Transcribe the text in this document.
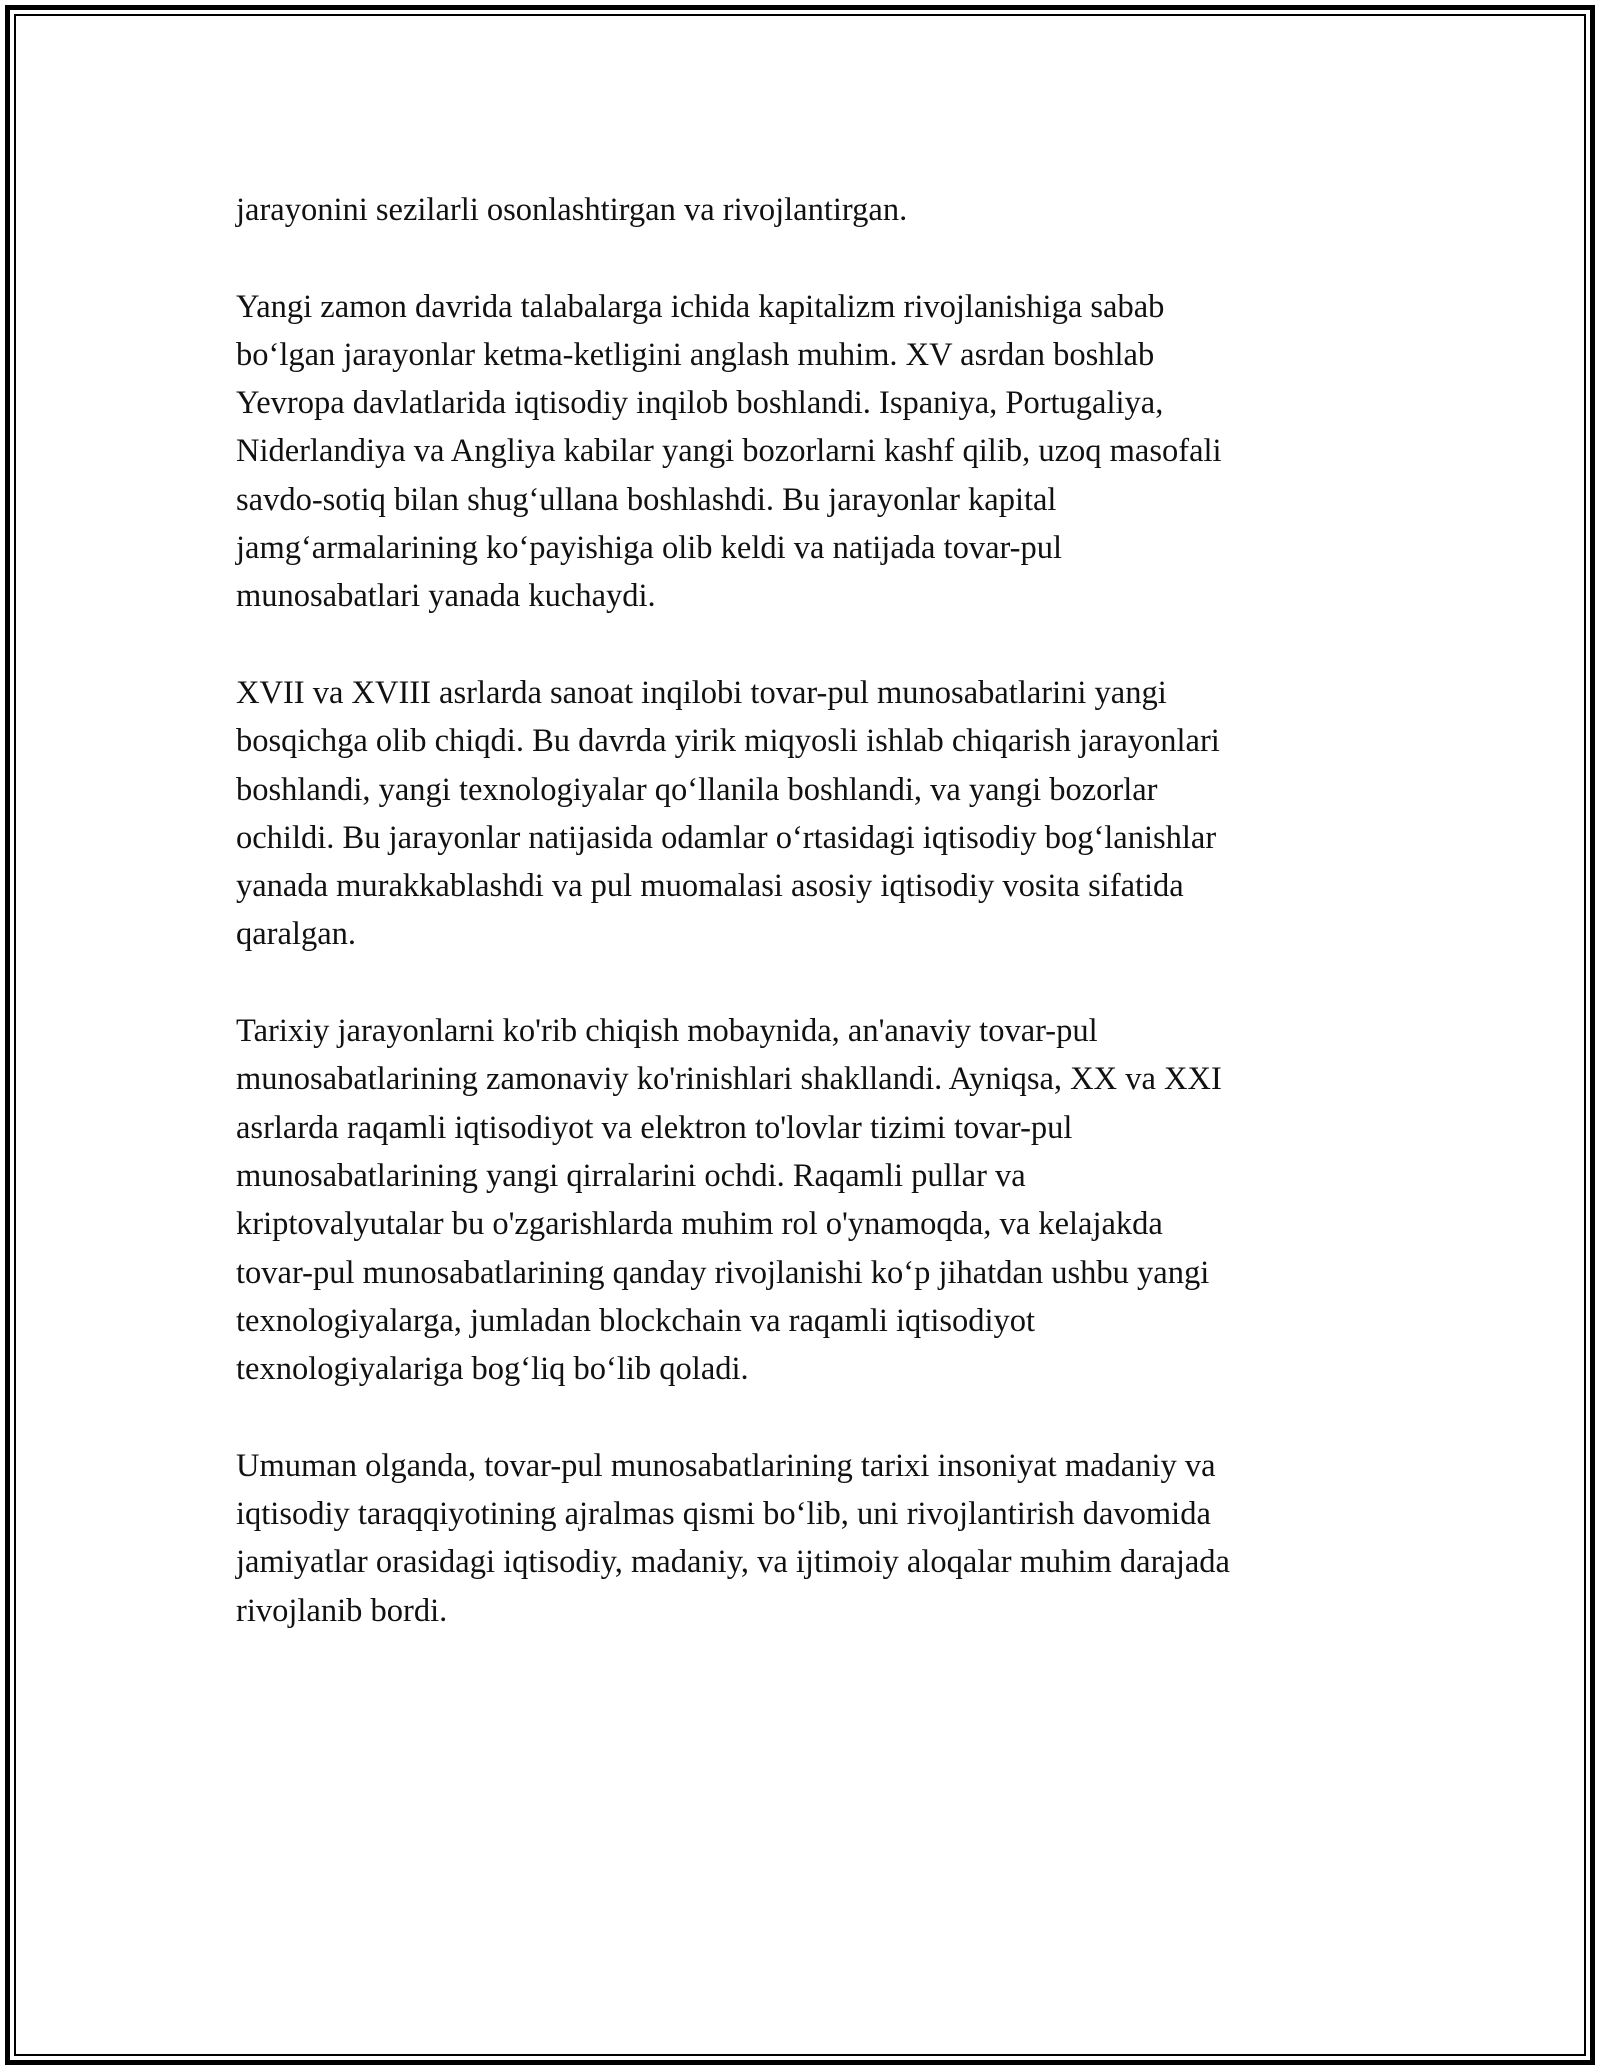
jarayonini sezilarli osonlashtirgan va rivojlantirgan.

Yangi zamon davrida talabalarga ichida kapitalizm rivojlanishiga sabab
bo‘lgan jarayonlar ketma-ketligini anglash muhim. XV asrdan boshlab
Yevropa davlatlarida iqtisodiy inqilob boshlandi. Ispaniya, Portugaliya,
Niderlandiya va Angliya kabilar yangi bozorlarni kashf qilib, uzoq masofali
savdo-sotiq bilan shug‘ullana boshlashdi. Bu jarayonlar kapital
jamg‘armalarining ko‘payishiga olib keldi va natijada tovar-pul
munosabatlari yanada kuchaydi.

XVII va XVIII asrlarda sanoat inqilobi tovar-pul munosabatlarini yangi
bosqichga olib chiqdi. Bu davrda yirik miqyosli ishlab chiqarish jarayonlari
boshlandi, yangi texnologiyalar qo‘llanila boshlandi, va yangi bozorlar
ochildi. Bu jarayonlar natijasida odamlar o‘rtasidagi iqtisodiy bog‘lanishlar
yanada murakkablashdi va pul muomalasi asosiy iqtisodiy vosita sifatida
qaralgan.

Tarixiy jarayonlarni ko'rib chiqish mobaynida, an'anaviy tovar-pul
munosabatlarining zamonaviy ko'rinishlari shakllandi. Ayniqsa, XX va XXI
asrlarda raqamli iqtisodiyot va elektron to'lovlar tizimi tovar-pul
munosabatlarining yangi qirralarini ochdi. Raqamli pullar va
kriptovalyutalar bu o'zgarishlarda muhim rol o'ynamoqda, va kelajakda
tovar-pul munosabatlarining qanday rivojlanishi ko‘p jihatdan ushbu yangi
texnologiyalarga, jumladan blockchain va raqamli iqtisodiyot
texnologiyalariga bog‘liq bo‘lib qoladi.

Umuman olganda, tovar-pul munosabatlarining tarixi insoniyat madaniy va
iqtisodiy taraqqiyotining ajralmas qismi bo‘lib, uni rivojlantirish davomida
jamiyatlar orasidagi iqtisodiy, madaniy, va ijtimoiy aloqalar muhim darajada
rivojlanib bordi.
